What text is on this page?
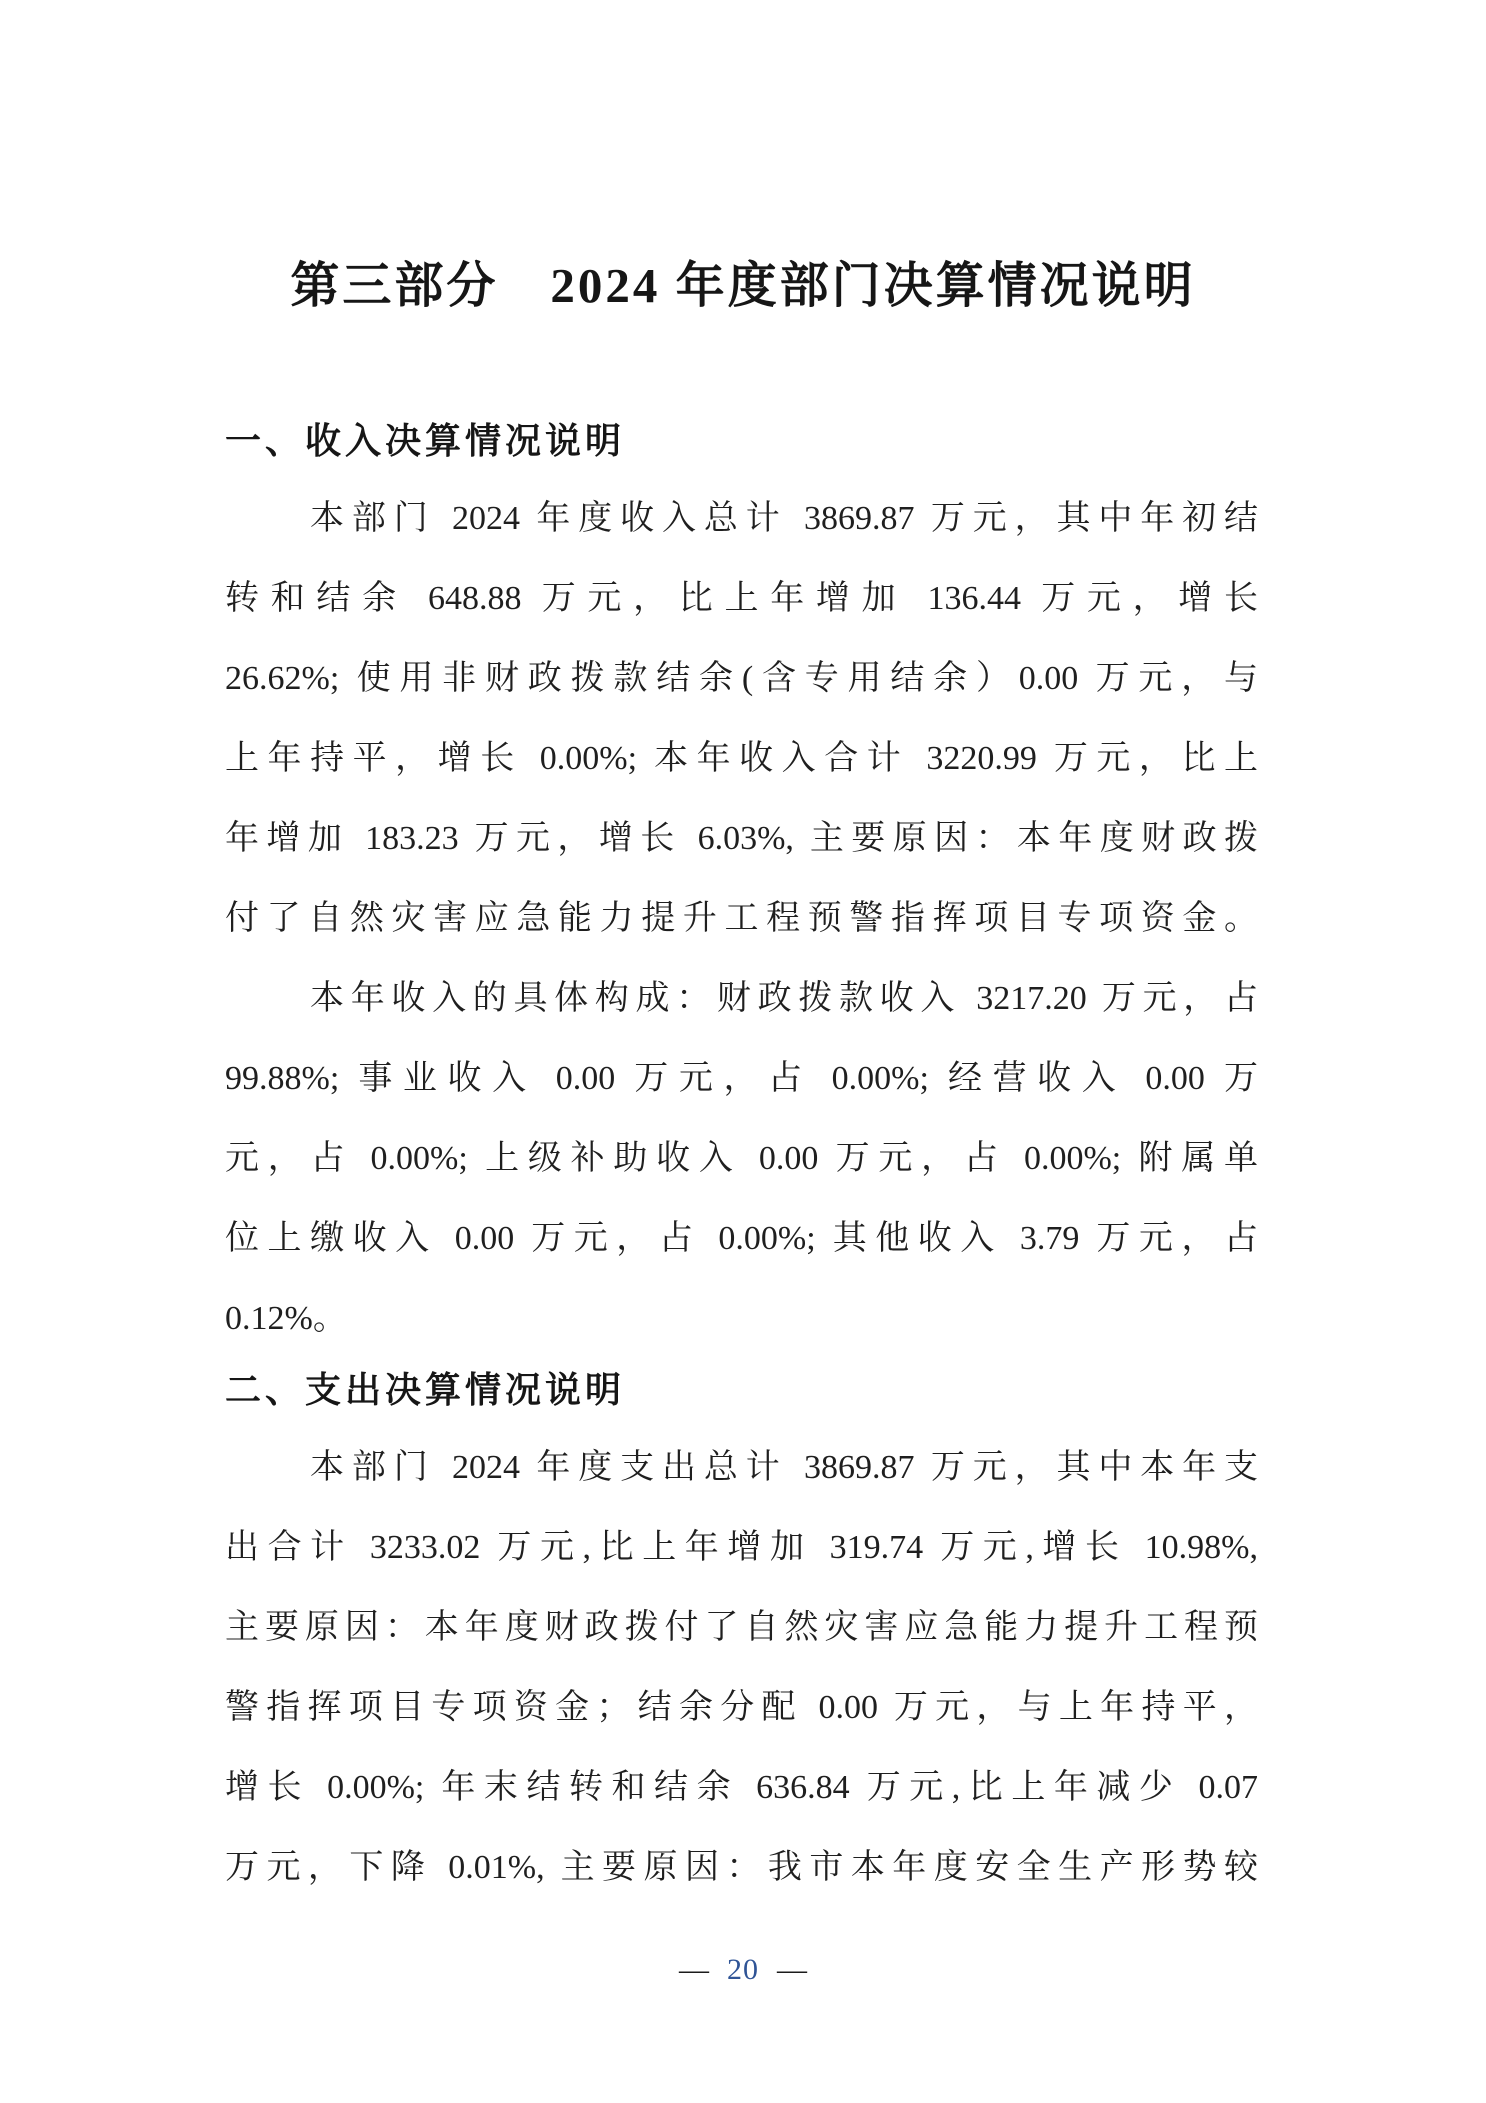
第三部分　2024 年度部门决算情况说明
一、收入决算情况说明
本部门 2024 年度收入总计 3869.87 万元，其中年初结
转和结余 648.88 万元，比上年增加 136.44 万元，增长
26.62%; 使用非财政拨款结余(含专用结余）0.00 万元，与
上年持平，增长 0.00%; 本年收入合计 3220.99 万元，比上
年增加 183.23 万元，增长 6.03%, 主要原因：本年度财政拨
付了自然灾害应急能力提升工程预警指挥项目专项资金。
本年收入的具体构成：财政拨款收入 3217.20 万元，占
99.88%; 事业收入 0.00 万元，占 0.00%; 经营收入 0.00 万
元，占 0.00%; 上级补助收入 0.00 万元，占 0.00%; 附属单
位上缴收入 0.00 万元，占 0.00%; 其他收入 3.79 万元，占
0.12%。
二、支出决算情况说明
本部门 2024 年度支出总计 3869.87 万元，其中本年支
出合计 3233.02 万元,比上年增加 319.74 万元,增长 10.98%,
主要原因：本年度财政拨付了自然灾害应急能力提升工程预
警指挥项目专项资金；结余分配 0.00 万元，与上年持平，
增长 0.00%; 年末结转和结余 636.84 万元,比上年减少 0.07
万元，下降 0.01%, 主要原因：我市本年度安全生产形势较
— 20 —
